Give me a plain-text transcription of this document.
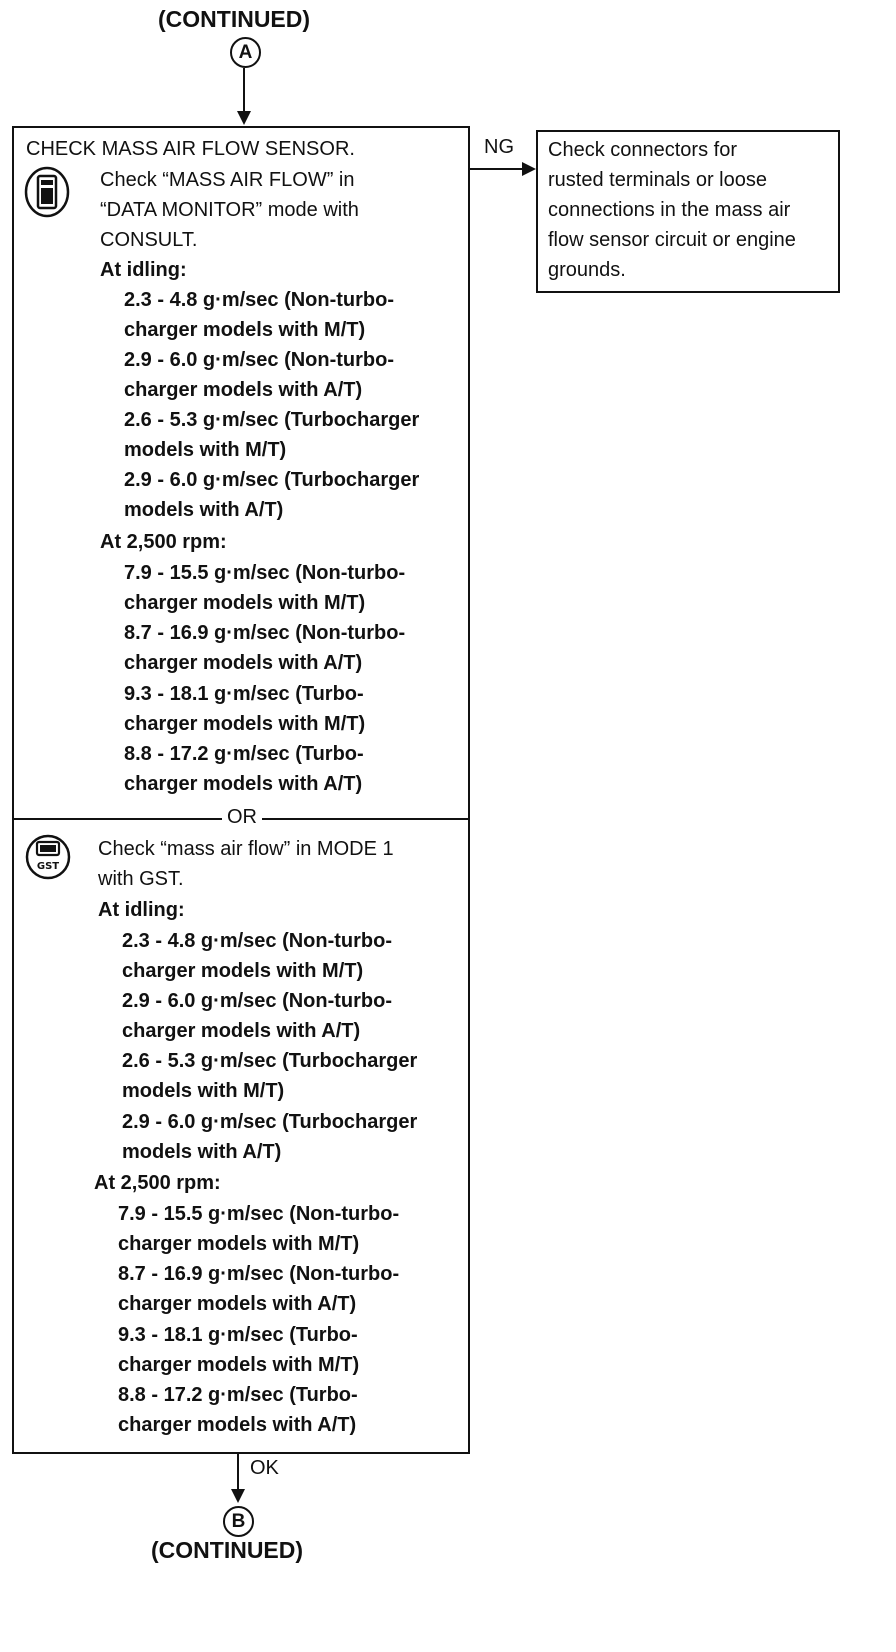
(CONTINUED)
A
OR
CHECK MASS AIR FLOW SENSOR.
Check “MASS AIR FLOW” in
“DATA MONITOR” mode with
CONSULT.
At idling:
2.3 - 4.8 g·m/sec (Non-turbo-
charger models with M/T)
2.9 - 6.0 g·m/sec (Non-turbo-
charger models with A/T)
2.6 - 5.3 g·m/sec (Turbocharger
models with M/T)
2.9 - 6.0 g·m/sec (Turbocharger
models with A/T)
At 2,500 rpm:
7.9 - 15.5 g·m/sec (Non-turbo-
charger models with M/T)
8.7 - 16.9 g·m/sec (Non-turbo-
charger models with A/T)
9.3 - 18.1 g·m/sec (Turbo-
charger models with M/T)
8.8 - 17.2 g·m/sec (Turbo-
charger models with A/T)
GST
Check “mass air flow” in MODE 1
with GST.
At idling:
2.3 - 4.8 g·m/sec (Non-turbo-
charger models with M/T)
2.9 - 6.0 g·m/sec (Non-turbo-
charger models with A/T)
2.6 - 5.3 g·m/sec (Turbocharger
models with M/T)
2.9 - 6.0 g·m/sec (Turbocharger
models with A/T)
At 2,500 rpm:
7.9 - 15.5 g·m/sec (Non-turbo-
charger models with M/T)
8.7 - 16.9 g·m/sec (Non-turbo-
charger models with A/T)
9.3 - 18.1 g·m/sec (Turbo-
charger models with M/T)
8.8 - 17.2 g·m/sec (Turbo-
charger models with A/T)
NG Check connectors for
rusted terminals or loose
connections in the mass air
flow sensor circuit or engine
grounds.
OK
B
(CONTINUED)
